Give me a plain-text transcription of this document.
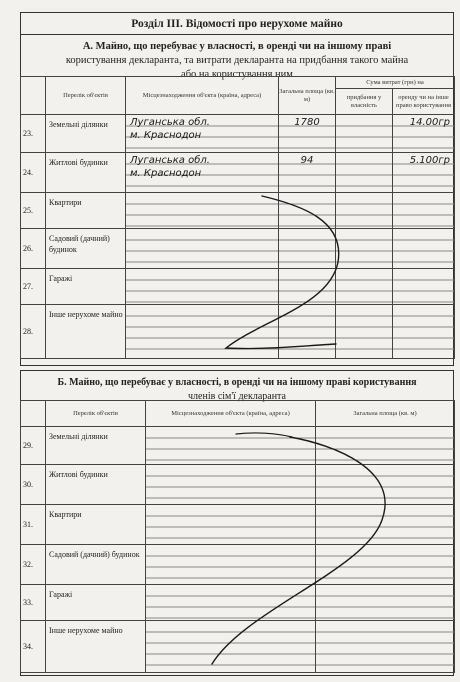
Розділ ІІІ. Відомості про нерухоме майно
А. Майно, що перебуває у власності, в оренді чи на іншому праві
користування декларанта, та витрати декларанта на придбання такого майна
або на користування ним
	Перелік об'єктів	Місцезнаходження об'єкта (країна, адреса)	Загальна площа (кв. м)	Сума витрат (грн) на	
				придбання у власність	оренду чи на інше право користування
23.	Земельні ділянки	Луганська обл.
м. Краснодон	1780		14.00гр
24.	Житлові будинки	Луганська обл.
м. Краснодон	94		5.100гр
25.	Квартири				
26.	Садовий (дачний) будинок				
27.	Гаражі				
28.	Інше нерухоме майно				
Б. Майно, що перебуває у власності, в оренді чи на іншому праві користування
членів сім'ї декларанта
	Перелік об'єктів	Місцезнаходження об'єкта (країна, адреса)	Загальна площа (кв. м)
29.	Земельні ділянки		
30.	Житлові будинки		
31.	Квартири		
32.	Садовий (дачний) будинок		
33.	Гаражі		
34.	Інше нерухоме майно		
